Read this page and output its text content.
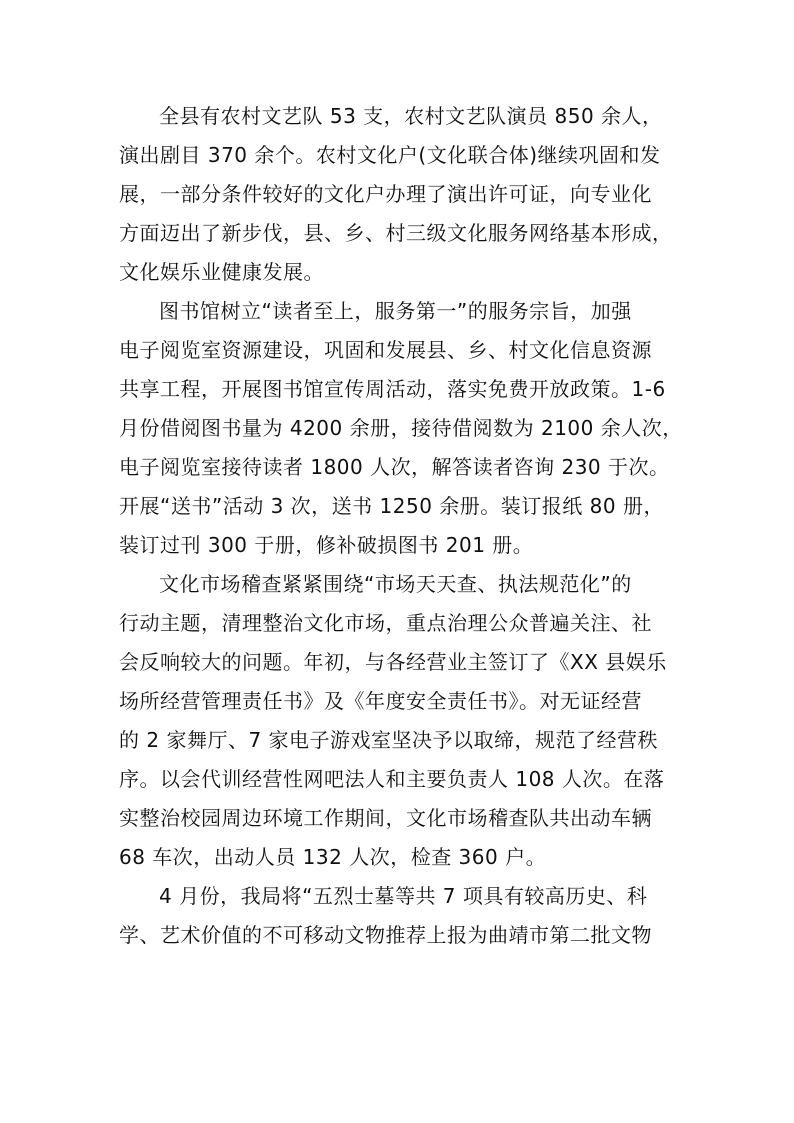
全县有农村文艺队 53 支，农村文艺队演员 850 余人，
演出剧目 370 余个。农村文化户(文化联合体)继续巩固和发
展，一部分条件较好的文化户办理了演出许可证，向专业化
方面迈出了新步伐，县、乡、村三级文化服务网络基本形成，
文化娱乐业健康发展。
图书馆树立“读者至上，服务第一”的服务宗旨，加强
电子阅览室资源建设，巩固和发展县、乡、村文化信息资源
共享工程，开展图书馆宣传周活动，落实免费开放政策。1-6
月份借阅图书量为 4200 余册，接待借阅数为 2100 余人次，
电子阅览室接待读者 1800 人次，解答读者咨询 230 于次。
开展“送书”活动 3 次，送书 1250 余册。装订报纸 80 册，
装订过刊 300 于册，修补破损图书 201 册。
文化市场稽查紧紧围绕“市场天天查、执法规范化”的
行动主题，清理整治文化市场，重点治理公众普遍关注、社
会反响较大的问题。年初，与各经营业主签订了《XX 县娱乐
场所经营管理责任书》及《年度安全责任书》。对无证经营
的 2 家舞厅、7 家电子游戏室坚决予以取缔，规范了经营秩
序。以会代训经营性网吧法人和主要负责人 108 人次。在落
实整治校园周边环境工作期间，文化市场稽查队共出动车辆
68 车次，出动人员 132 人次，检查 360 户。
4 月份，我局将“五烈士墓等共 7 项具有较高历史、科
学、艺术价值的不可移动文物推荐上报为曲靖市第二批文物
